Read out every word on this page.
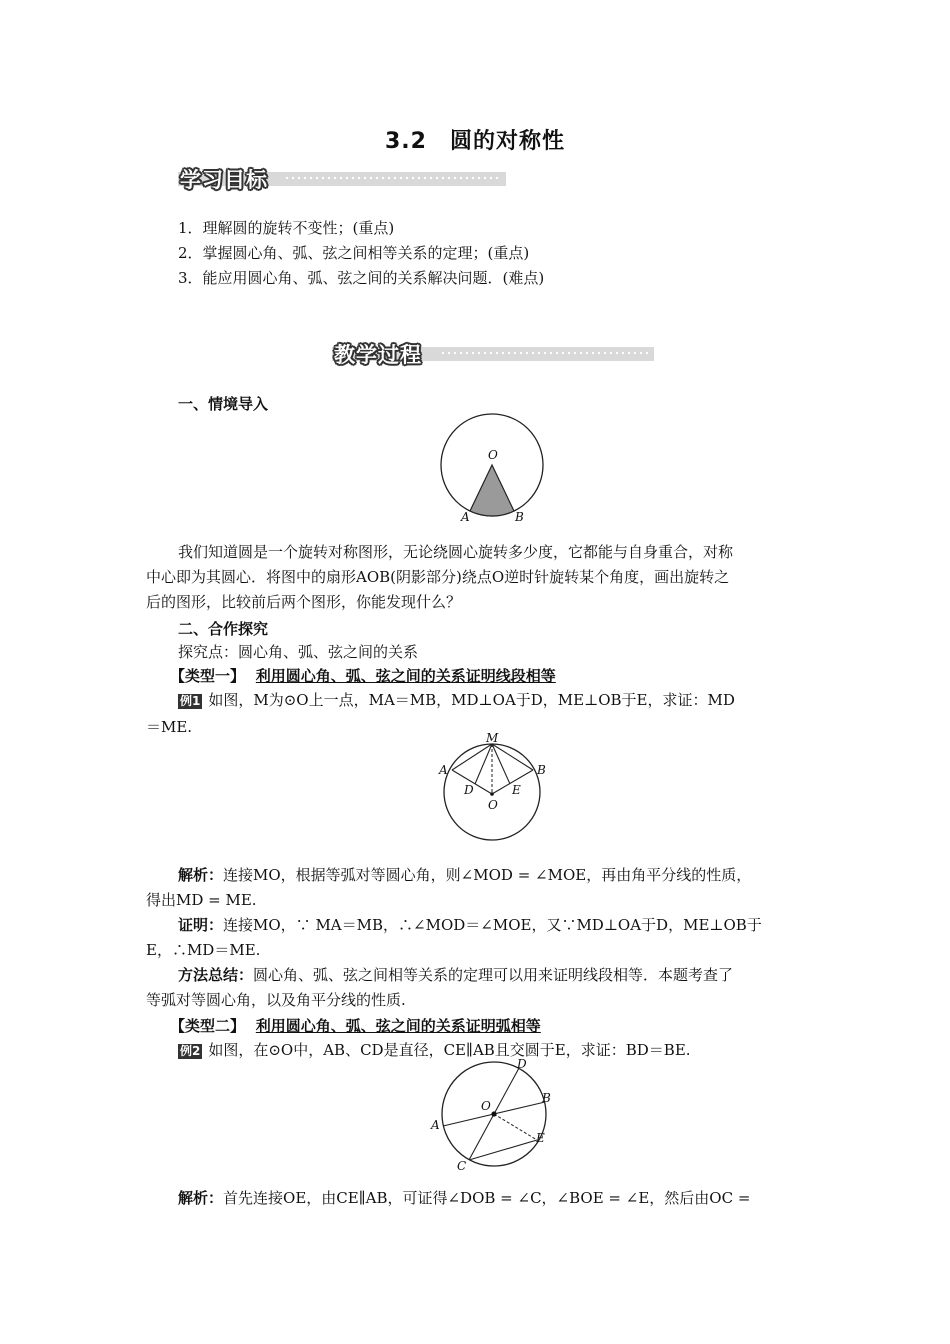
3.2　圆的对称性
学习目标
1．理解圆的旋转不变性；(重点)
2．掌握圆心角、弧、弦之间相等关系的定理；(重点)
3．能应用圆心角、弧、弦之间的关系解决问题．(难点)
教学过程
一、情境导入
O
A	B
我们知道圆是一个旋转对称图形，无论绕圆心旋转多少度，它都能与自身重合，对称
中心即为其圆心．将图中的扇形AOB(阴影部分)绕点O逆时针旋转某个角度，画出旋转之
后的图形，比较前后两个图形，你能发现什么？
二、合作探究
探究点：圆心角、弧、弦之间的关系
【类型一】 利用圆心角、弧、弦之间的关系证明线段相等
例1 如图，M为⊙O上一点，MA＝MB，MD⊥OA于D，ME⊥OB于E，求证：MD
＝ME.
M
A	B
D	E
O
解析：连接MO，根据等弧对等圆心角，则∠MOD = ∠MOE，再由角平分线的性质，
得出MD = ME.
证明：连接MO，∵ MA＝MB，∴∠MOD＝∠MOE，又∵MD⊥OA于D，ME⊥OB于
E，∴MD＝ME.
方法总结：圆心角、弧、弦之间相等关系的定理可以用来证明线段相等．本题考查了
等弧对等圆心角，以及角平分线的性质.
【类型二】 利用圆心角、弧、弦之间的关系证明弧相等
例2 如图，在⊙O中，AB、CD是直径，CE∥AB且交圆于E，求证：BD＝BE.
D
O
B
A
E
C
解析：首先连接OE，由CE∥AB，可证得∠DOB = ∠C，∠BOE = ∠E，然后由OC =
